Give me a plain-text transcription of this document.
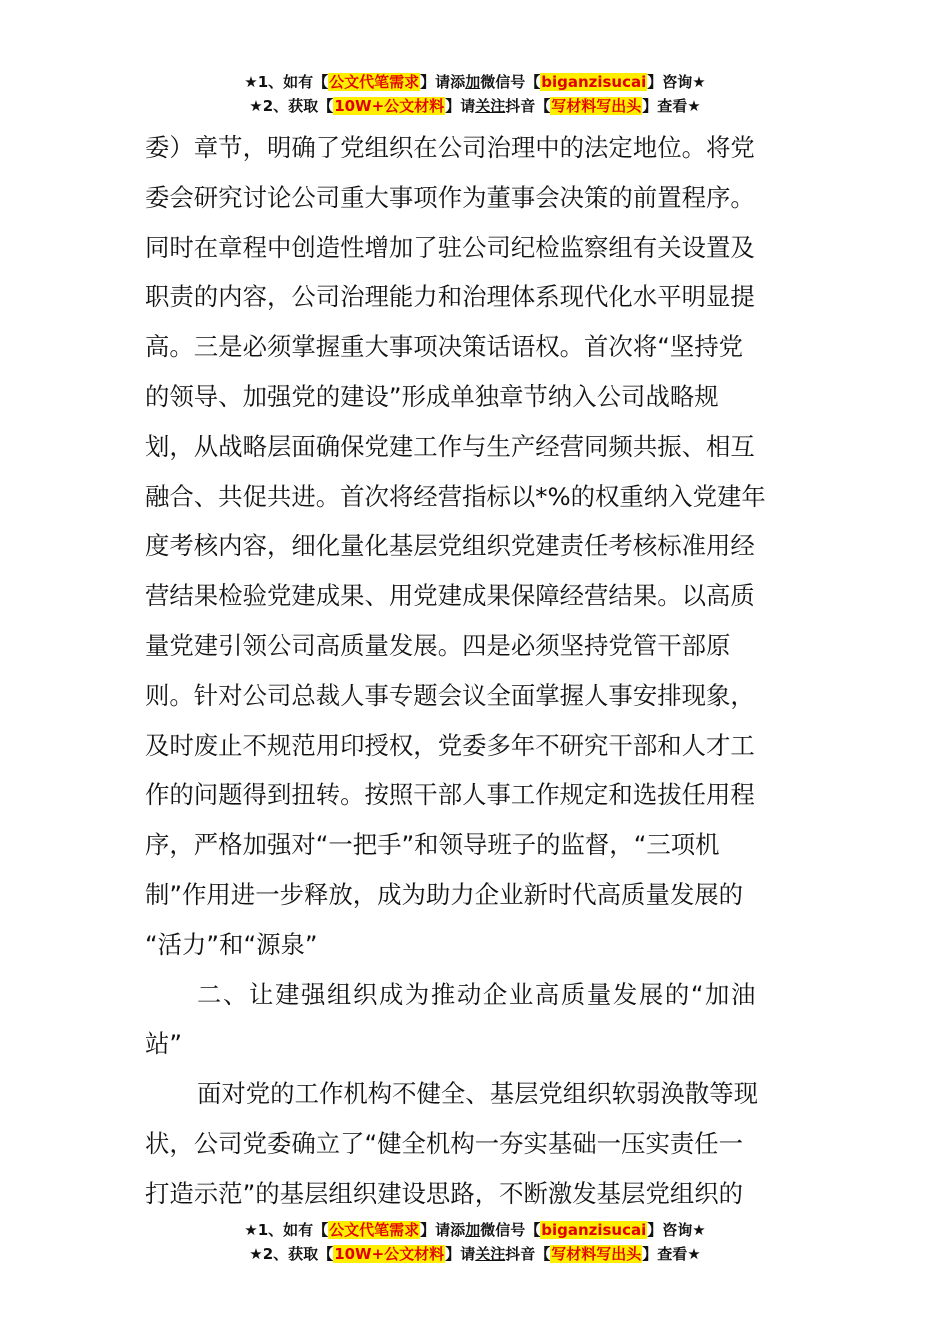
★1、如有【公文代笔需求】请添加微信号【biganzisucai】咨询★
★2、获取【10W+公文材料】请关注抖音【写材料写出头】查看★
委）章节，明确了党组织在公司治理中的法定地位。将党
委会研究讨论公司重大事项作为董事会决策的前置程序。
同时在章程中创造性增加了驻公司纪检监察组有关设置及
职责的内容，公司治理能力和治理体系现代化水平明显提
高。三是必须掌握重大事项决策话语权。首次将“坚持党
的领导、加强党的建设”形成单独章节纳入公司战略规
划，从战略层面确保党建工作与生产经营同频共振、相互
融合、共促共进。首次将经营指标以*%的权重纳入党建年
度考核内容，细化量化基层党组织党建责任考核标准用经
营结果检验党建成果、用党建成果保障经营结果。以高质
量党建引领公司高质量发展。四是必须坚持党管干部原
则。针对公司总裁人事专题会议全面掌握人事安排现象，
及时废止不规范用印授权，党委多年不研究干部和人才工
作的问题得到扭转。按照干部人事工作规定和选拔任用程
序，严格加强对“一把手”和领导班子的监督，“三项机
制”作用进一步释放，成为助力企业新时代高质量发展的
“活力”和“源泉”
二、让建强组织成为推动企业高质量发展的“加油
站”
面对党的工作机构不健全、基层党组织软弱涣散等现
状，公司党委确立了“健全机构一夯实基础一压实责任一
打造示范”的基层组织建设思路，不断激发基层党组织的
★1、如有【公文代笔需求】请添加微信号【biganzisucai】咨询★
★2、获取【10W+公文材料】请关注抖音【写材料写出头】查看★
